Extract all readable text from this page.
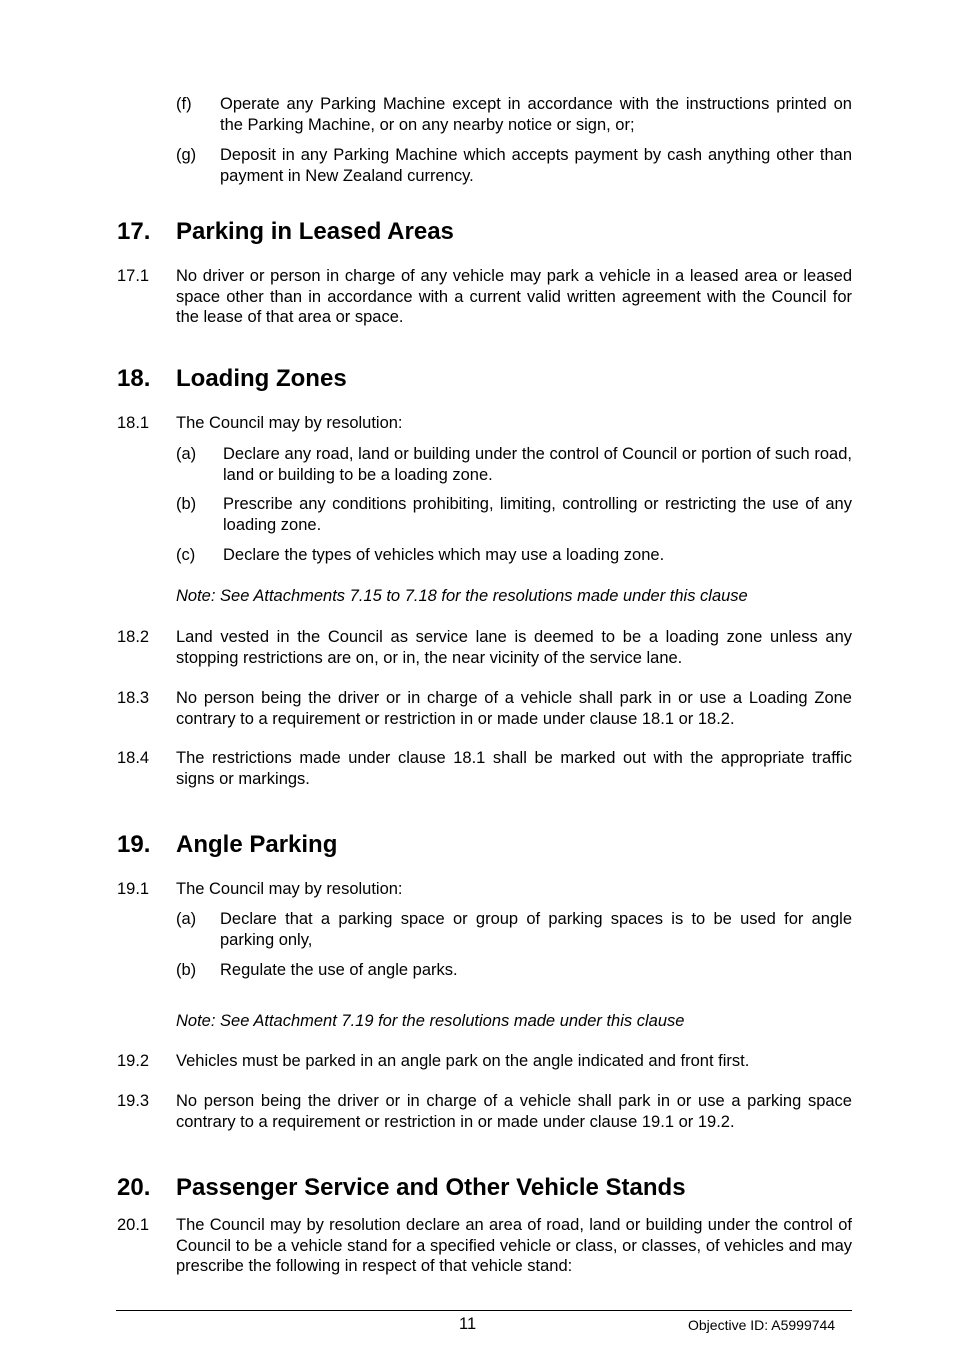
(f) Operate any Parking Machine except in accordance with the instructions printed on the Parking Machine, or on any nearby notice or sign, or;
(g) Deposit in any Parking Machine which accepts payment by cash anything other than payment in New Zealand currency.
17. Parking in Leased Areas
17.1 No driver or person in charge of any vehicle may park a vehicle in a leased area or leased space other than in accordance with a current valid written agreement with the Council for the lease of that area or space.
18. Loading Zones
18.1 The Council may by resolution:
(a) Declare any road, land or building under the control of Council or portion of such road, land or building to be a loading zone.
(b) Prescribe any conditions prohibiting, limiting, controlling or restricting the use of any loading zone.
(c) Declare the types of vehicles which may use a loading zone.
Note: See Attachments 7.15 to 7.18 for the resolutions made under this clause
18.2 Land vested in the Council as service lane is deemed to be a loading zone unless any stopping restrictions are on, or in, the near vicinity of the service lane.
18.3 No person being the driver or in charge of a vehicle shall park in or use a Loading Zone contrary to a requirement or restriction in or made under clause 18.1 or 18.2.
18.4 The restrictions made under clause 18.1 shall be marked out with the appropriate traffic signs or markings.
19. Angle Parking
19.1 The Council may by resolution:
(a) Declare that a parking space or group of parking spaces is to be used for angle parking only,
(b) Regulate the use of angle parks.
Note: See Attachment 7.19 for the resolutions made under this clause
19.2 Vehicles must be parked in an angle park on the angle indicated and front first.
19.3 No person being the driver or in charge of a vehicle shall park in or use a parking space contrary to a requirement or restriction in or made under clause 19.1 or 19.2.
20. Passenger Service and Other Vehicle Stands
20.1 The Council may by resolution declare an area of road, land or building under the control of Council to be a vehicle stand for a specified vehicle or class, or classes, of vehicles and may prescribe the following in respect of that vehicle stand:
11	Objective ID: A5999744
